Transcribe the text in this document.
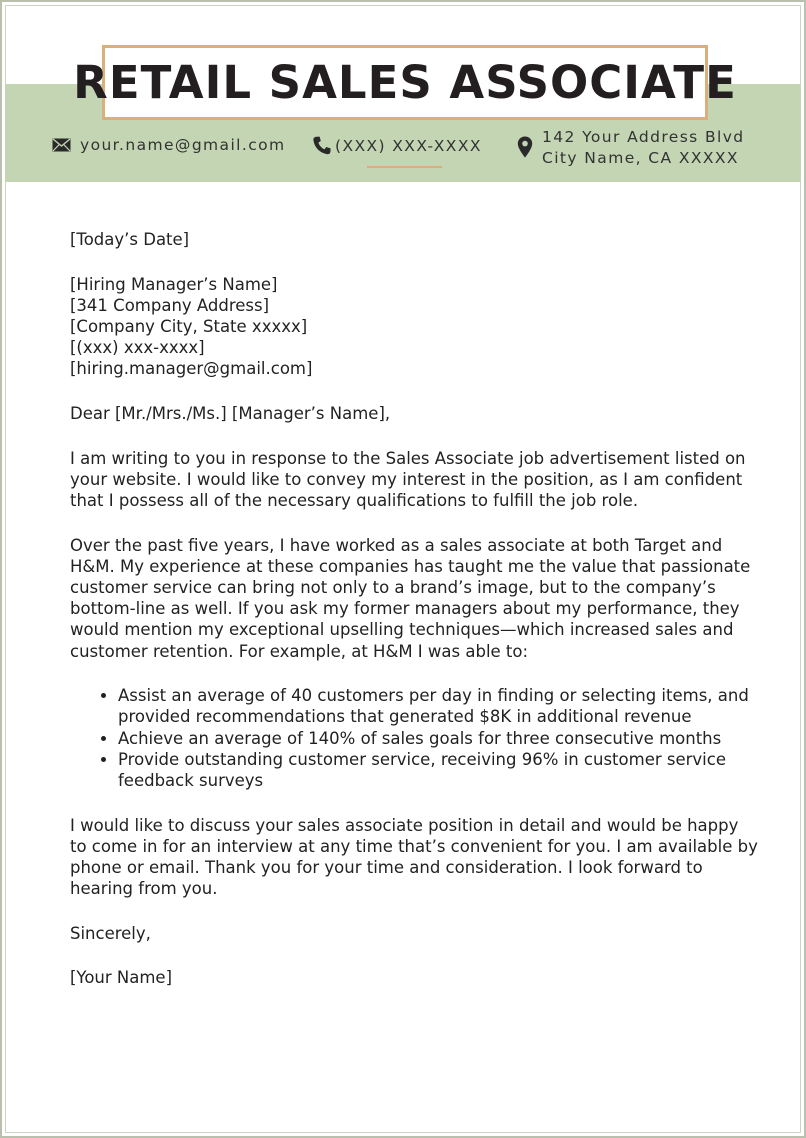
RETAIL SALES ASSOCIATE
your.name@gmail.com	(XXX) XXX-XXXX	142 Your Address Blvd
City Name, CA XXXXX

[Today’s Date]

[Hiring Manager’s Name]
[341 Company Address]
[Company City, State xxxxx]
[(xxx) xxx-xxxx]
[hiring.manager@gmail.com]

Dear [Mr./Mrs./Ms.] [Manager’s Name],

I am writing to you in response to the Sales Associate job advertisement listed on your website. I would like to convey my interest in the position, as I am confident that I possess all of the necessary qualifications to fulfill the job role.

Over the past five years, I have worked as a sales associate at both Target and H&M. My experience at these companies has taught me the value that passionate customer service can bring not only to a brand’s image, but to the company’s bottom-line as well. If you ask my former managers about my performance, they would mention my exceptional upselling techniques—which increased sales and customer retention. For example, at H&M I was able to:

• Assist an average of 40 customers per day in finding or selecting items, and provided recommendations that generated $8K in additional revenue
• Achieve an average of 140% of sales goals for three consecutive months
• Provide outstanding customer service, receiving 96% in customer service feedback surveys

I would like to discuss your sales associate position in detail and would be happy to come in for an interview at any time that’s convenient for you. I am available by phone or email. Thank you for your time and consideration. I look forward to hearing from you.

Sincerely,

[Your Name]
